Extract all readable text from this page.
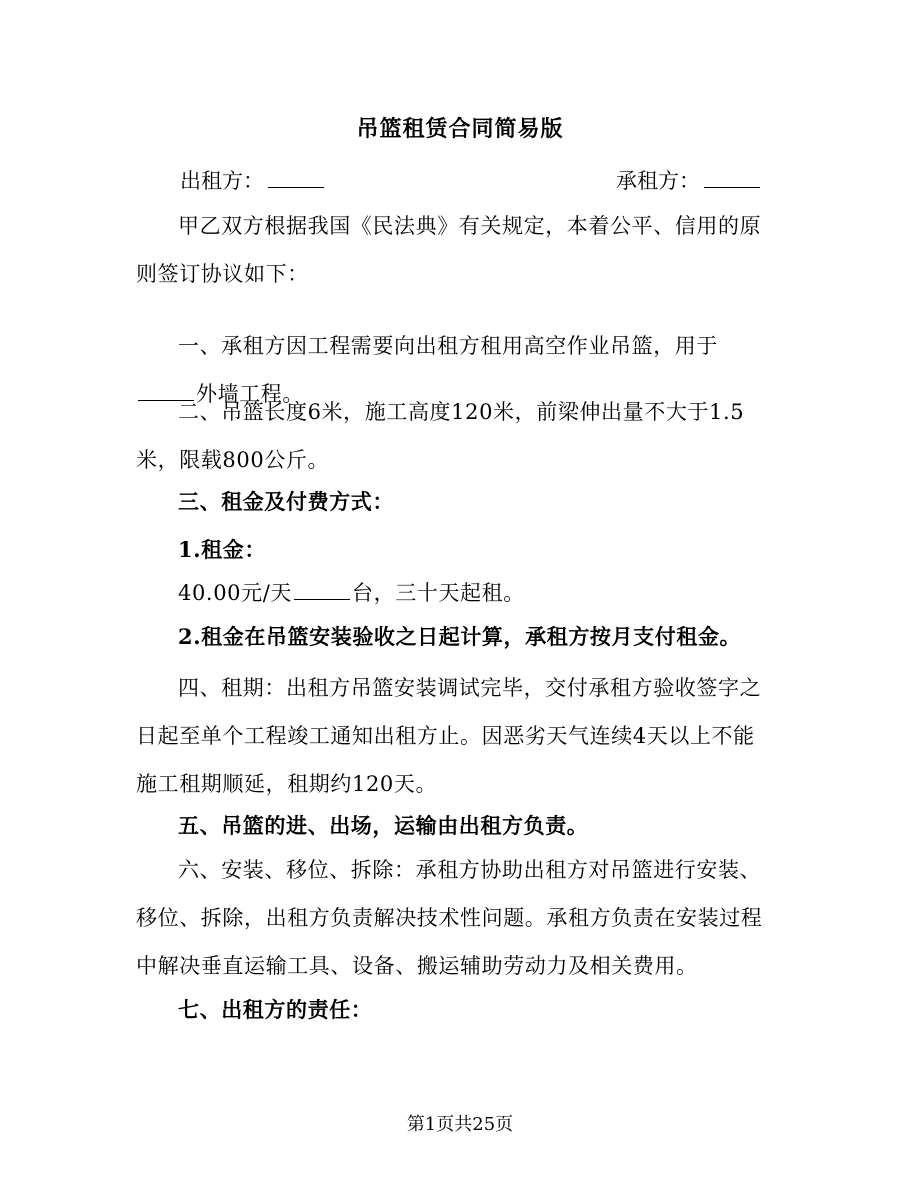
吊篮租赁合同简易版
出租方：	承租方：

甲乙双方根据我国《民法典》有关规定，本着公平、信用的原则签订协议如下：

一、承租方因工程需要向出租方租用高空作业吊篮，用于外墙工程。

二、吊篮长度6米，施工高度120米，前梁伸出量不大于1.5米，限载800公斤。

三、租金及付费方式：

1.租金：

40.00元/天	台，三十天起租。

2.租金在吊篮安装验收之日起计算，承租方按月支付租金。

四、租期：出租方吊篮安装调试完毕，交付承租方验收签字之日起至单个工程竣工通知出租方止。因恶劣天气连续4天以上不能施工租期顺延，租期约120天。

五、吊篮的进、出场，运输由出租方负责。

六、安装、移位、拆除：承租方协助出租方对吊篮进行安装、移位、拆除，出租方负责解决技术性问题。承租方负责在安装过程中解决垂直运输工具、设备、搬运辅助劳动力及相关费用。

七、出租方的责任：

第1页共25页
